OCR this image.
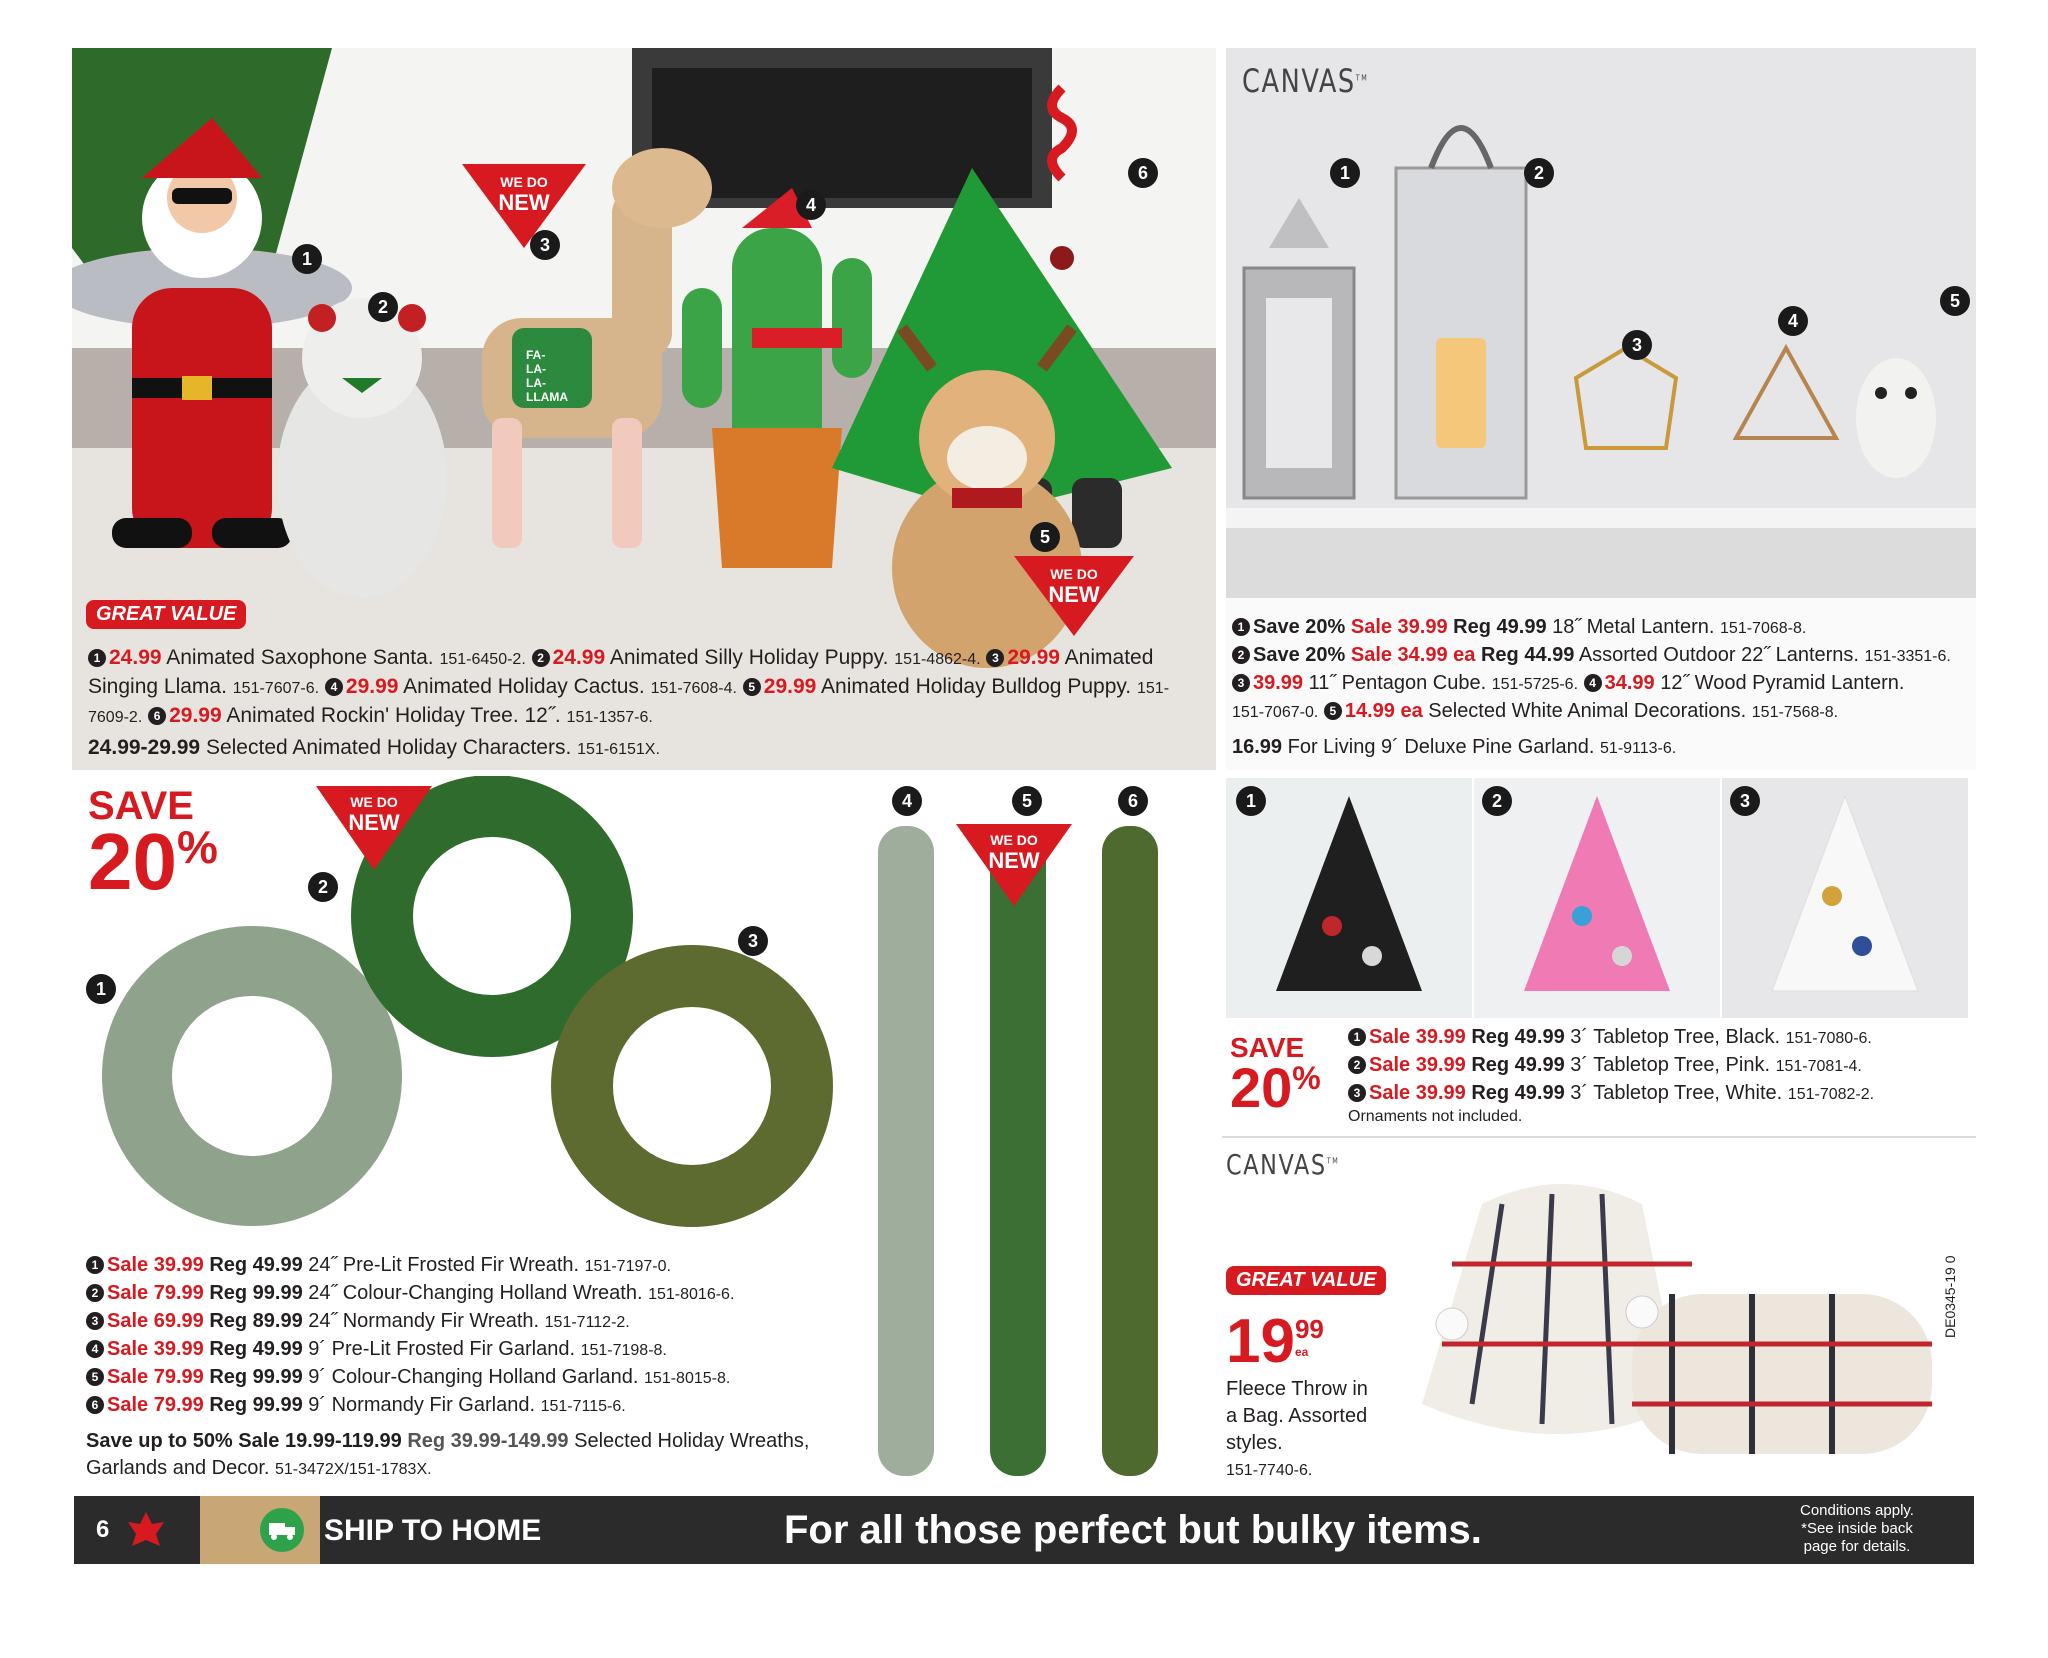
WE DO
NEW
WE DO
NEW
FA-
LA-
LA-
LLAMA
1
2
3
4
5
6
GREAT VALUE
1 24.99 Animated Saxophone Santa. 151-6450-2. 2 24.99 Animated Silly Holiday Puppy. 151-4862-4. 3 29.99 Animated Singing Llama. 151-7607-6. 4 29.99 Animated Holiday Cactus. 151-7608-4. 5 29.99 Animated Holiday Bulldog Puppy. 151-7609-2. 6 29.99 Animated Rockin' Holiday Tree. 12˝. 151-1357-6.
24.99-29.99 Selected Animated Holiday Characters. 151-6151X.
CANVAS™
1	2
3
4
5
1 Save 20% Sale 39.99 Reg 49.99 18˝ Metal Lantern. 151-7068-8.
2 Save 20% Sale 34.99 ea Reg 44.99 Assorted Outdoor 22˝ Lanterns. 151-3351-6.
3 39.99 11˝ Pentagon Cube. 151-5725-6. 4 34.99 12˝ Wood Pyramid Lantern.
151-7067-0. 5 14.99 ea Selected White Animal Decorations. 151-7568-8.
16.99 For Living 9´ Deluxe Pine Garland. 51-9113-6.
SAVE
20%
WE DO
NEW
WE DO
NEW
1
2
3
4	5	6
1 Sale 39.99 Reg 49.99 24˝ Pre-Lit Frosted Fir Wreath. 151-7197-0.
2 Sale 79.99 Reg 99.99 24˝ Colour-Changing Holland Wreath. 151-8016-6.
3 Sale 69.99 Reg 89.99 24˝ Normandy Fir Wreath. 151-7112-2.
4 Sale 39.99 Reg 49.99 9´ Pre-Lit Frosted Fir Garland. 151-7198-8.
5 Sale 79.99 Reg 99.99 9´ Colour-Changing Holland Garland. 151-8015-8.
6 Sale 79.99 Reg 99.99 9´ Normandy Fir Garland. 151-7115-6.
Save up to 50% Sale 19.99-119.99 Reg 39.99-149.99 Selected Holiday Wreaths,
Garlands and Decor. 51-3472X/151-1783X.
1	2	3
SAVE
20%
1 Sale 39.99 Reg 49.99 3´ Tabletop Tree, Black. 151-7080-6.
2 Sale 39.99 Reg 49.99 3´ Tabletop Tree, Pink. 151-7081-4.
3 Sale 39.99 Reg 49.99 3´ Tabletop Tree, White. 151-7082-2.
Ornaments not included.
CANVAS™
GREAT VALUE
19 99
ea
Fleece Throw in
a Bag. Assorted
styles.
151-7740-6.
DE0345-19 0
6	SHIP TO HOME	For all those perfect but bulky items.	Conditions apply.
*See inside back
page for details.
